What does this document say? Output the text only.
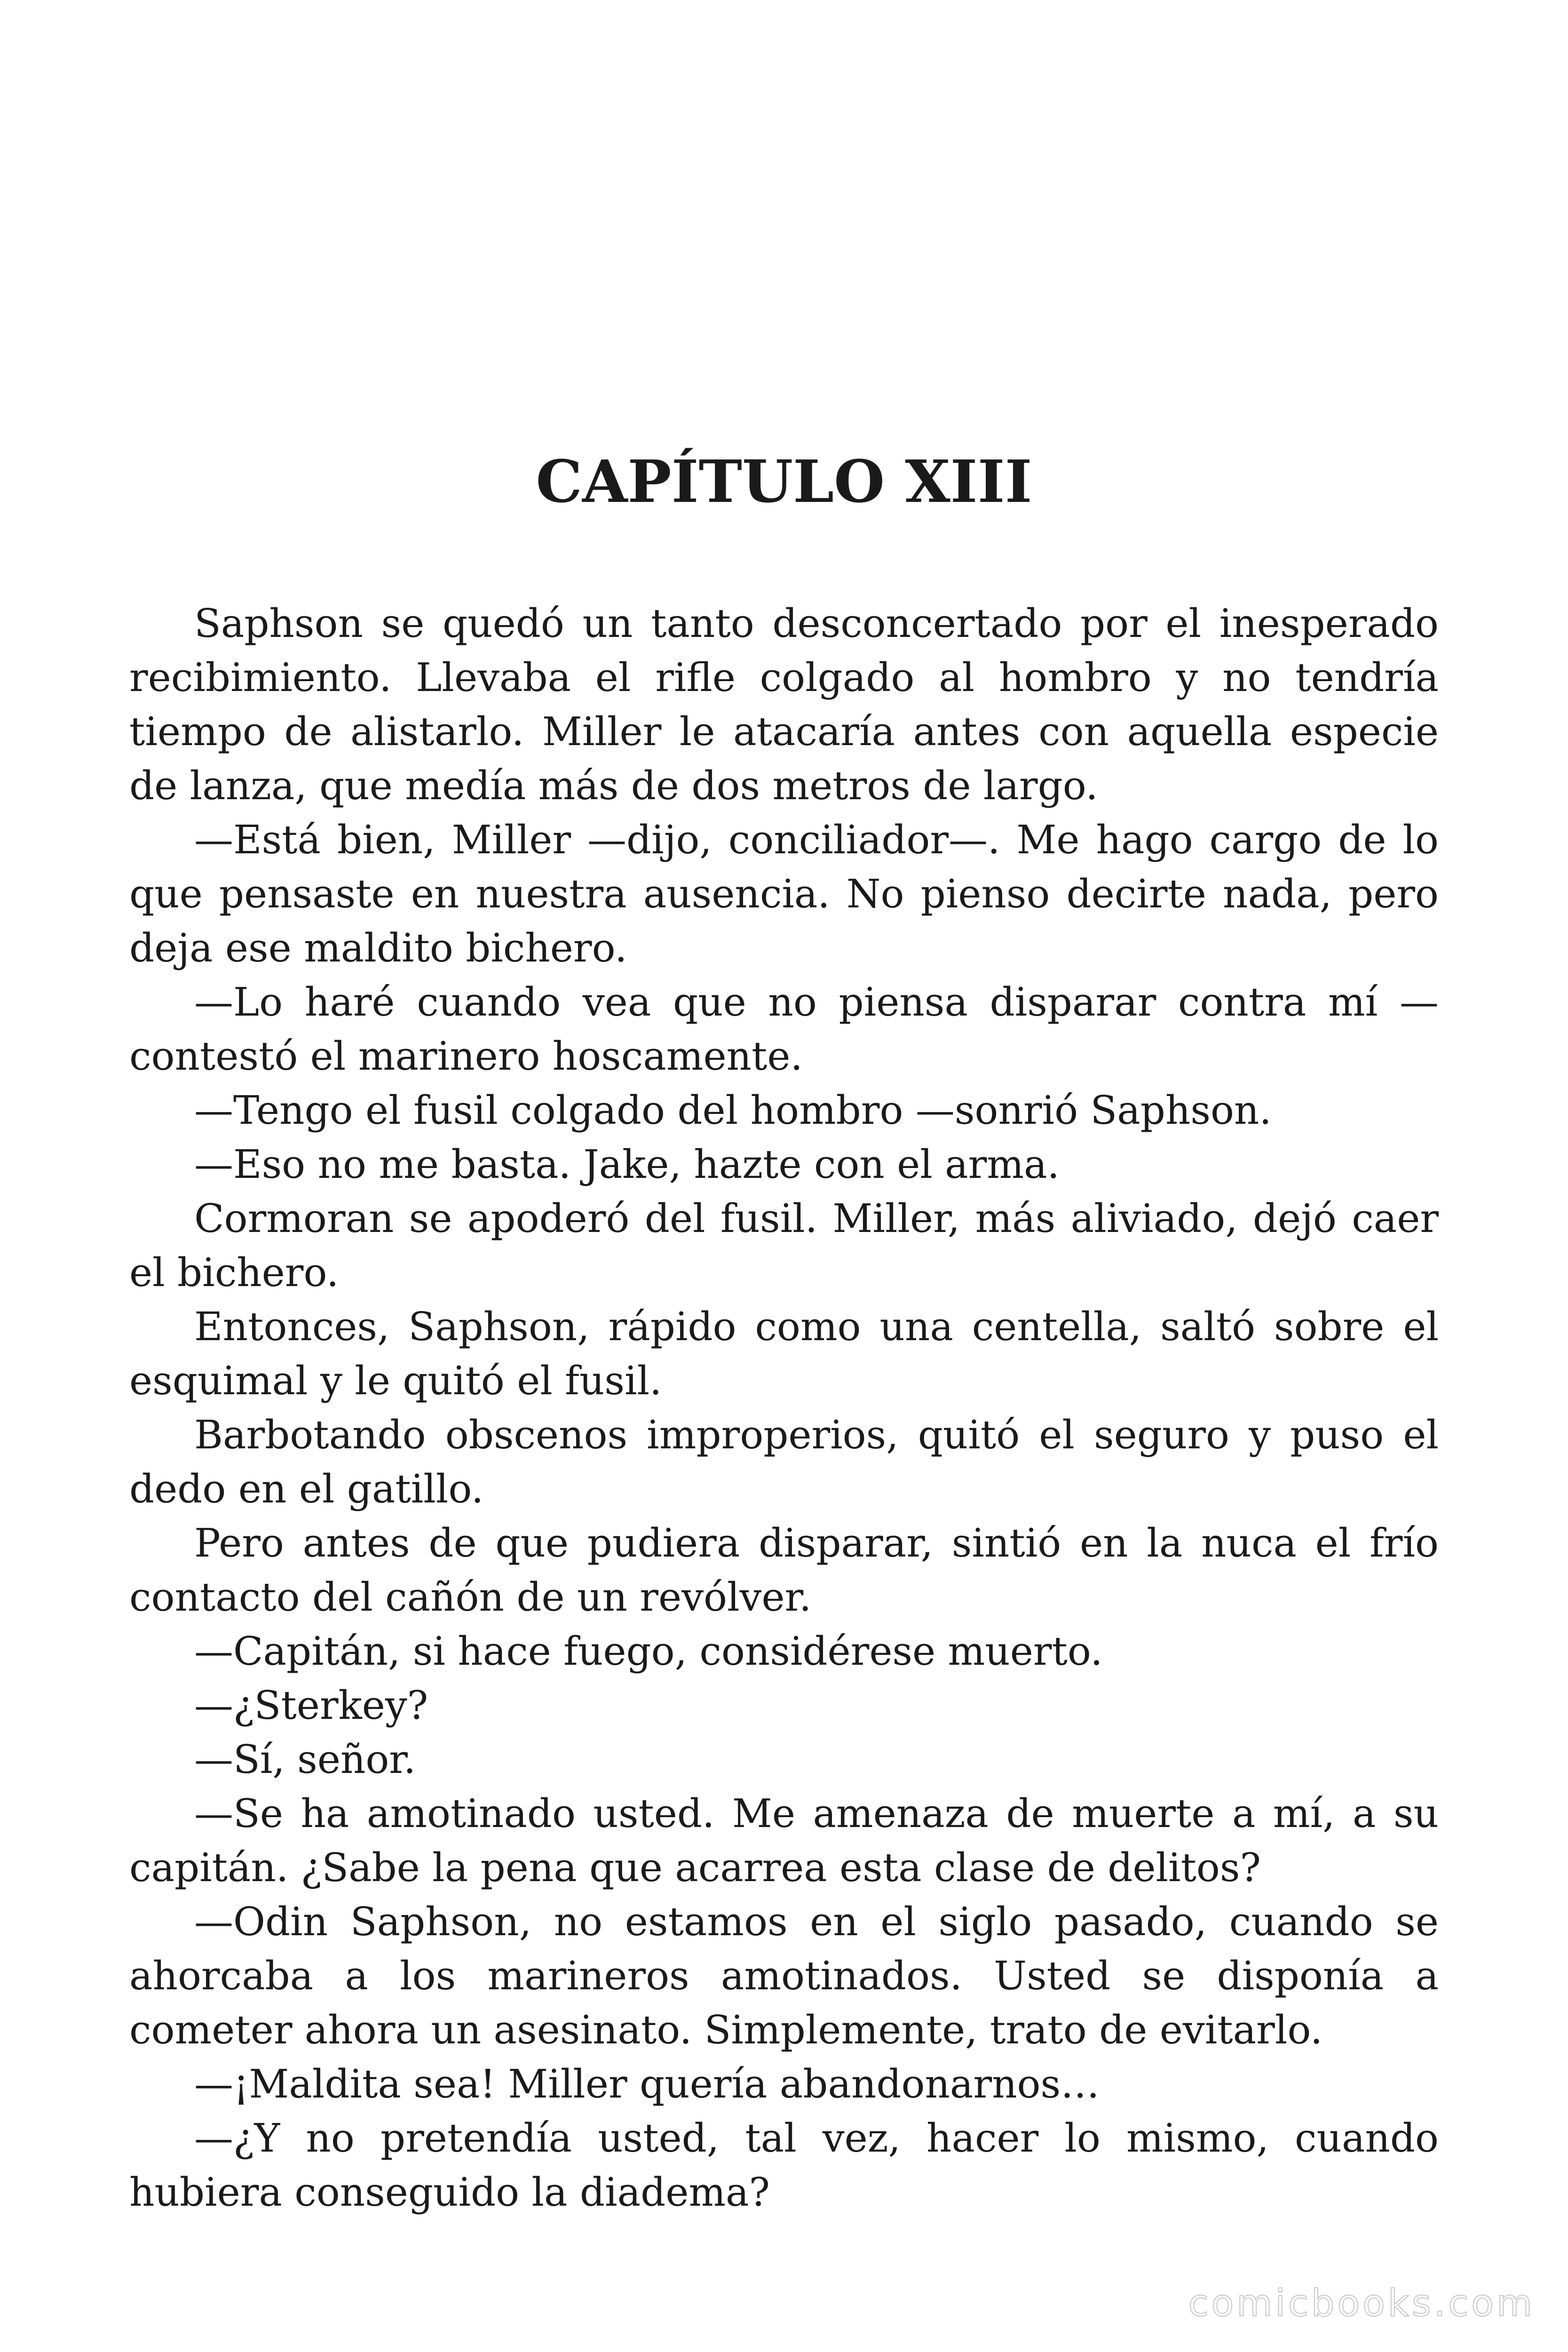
CAPÍTULO XIII

Saphson se quedó un tanto desconcertado por el inesperado recibimiento. Llevaba el rifle colgado al hombro y no tendría tiempo de alistarlo. Miller le atacaría antes con aquella especie de lanza, que medía más de dos metros de largo.

—Está bien, Miller —dijo, conciliador—. Me hago cargo de lo que pensaste en nuestra ausencia. No pienso decirte nada, pero deja ese maldito bichero.

—Lo haré cuando vea que no piensa disparar contra mí —contestó el marinero hoscamente.

—Tengo el fusil colgado del hombro —sonrió Saphson.

—Eso no me basta. Jake, hazte con el arma.

Cormoran se apoderó del fusil. Miller, más aliviado, dejó caer el bichero.

Entonces, Saphson, rápido como una centella, saltó sobre el esquimal y le quitó el fusil.

Barbotando obscenos improperios, quitó el seguro y puso el dedo en el gatillo.

Pero antes de que pudiera disparar, sintió en la nuca el frío contacto del cañón de un revólver.

—Capitán, si hace fuego, considérese muerto.

—¿Sterkey?

—Sí, señor.

—Se ha amotinado usted. Me amenaza de muerte a mí, a su capitán. ¿Sabe la pena que acarrea esta clase de delitos?

—Odin Saphson, no estamos en el siglo pasado, cuando se ahorcaba a los marineros amotinados. Usted se disponía a cometer ahora un asesinato. Simplemente, trato de evitarlo.

—¡Maldita sea! Miller quería abandonarnos…

—¿Y no pretendía usted, tal vez, hacer lo mismo, cuando hubiera conseguido la diadema?

comicbooks.com
